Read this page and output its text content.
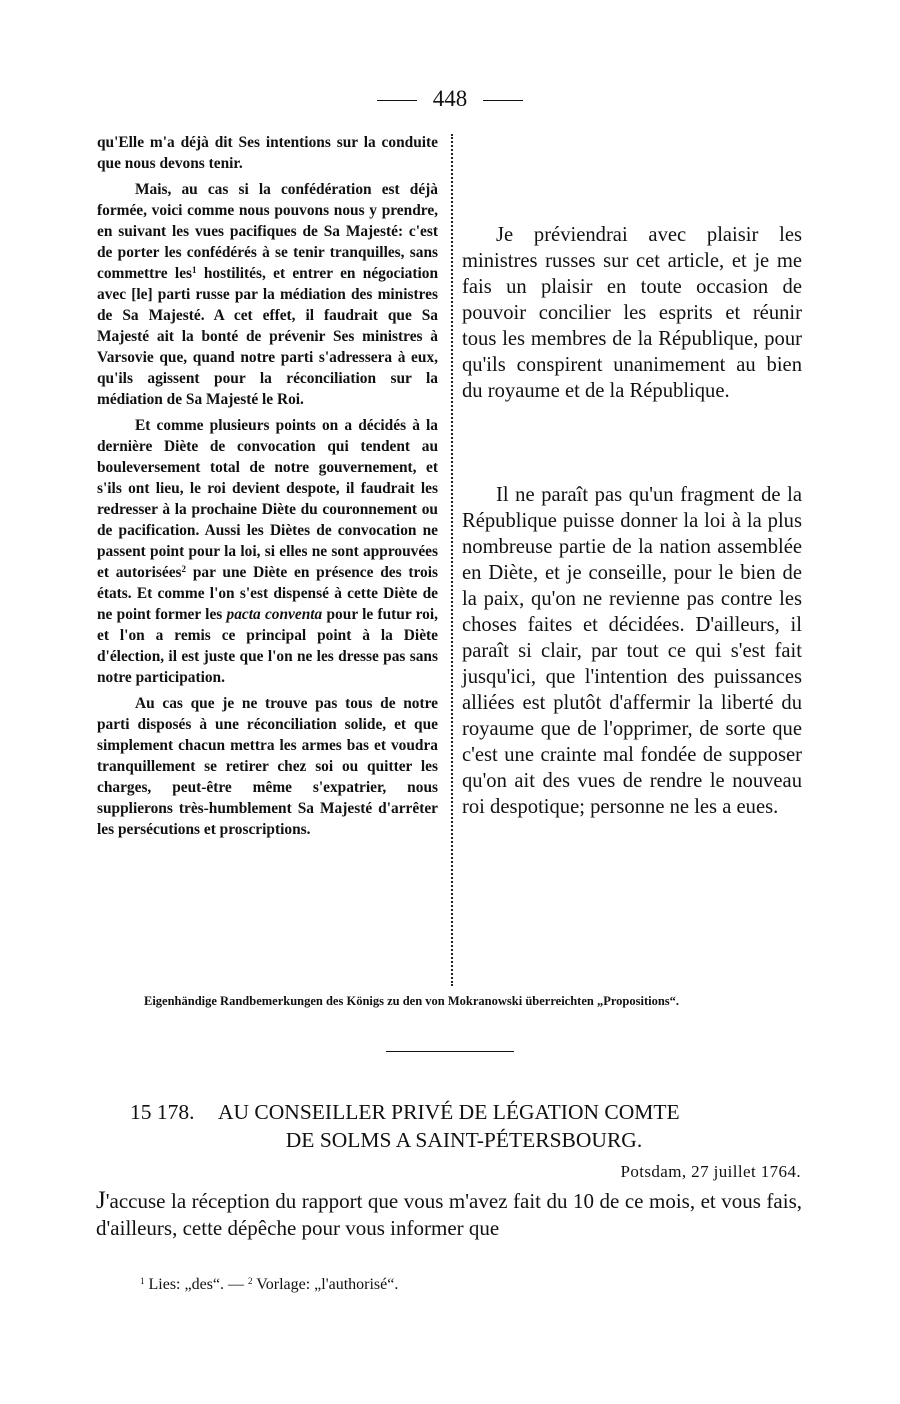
448

qu'Elle m'a déjà dit Ses intentions sur la conduite que nous devons tenir.

Mais, au cas si la confédération est déjà formée, voici comme nous pouvons nous y prendre, en suivant les vues pacifiques de Sa Majesté: c'est de porter les confédérés à se tenir tranquilles, sans commettre les$^1$ hostilités, et entrer en négociation avec [le] parti russe par la médiation des ministres de Sa Majesté. A cet effet, il faudrait que Sa Majesté ait la bonté de prévenir Ses ministres à Varsovie que, quand notre parti s'adressera à eux, qu'ils agissent pour la réconciliation sur la médiation de Sa Majesté le Roi.

Et comme plusieurs points on a décidés à la dernière Diète de convocation qui tendent au bouleversement total de notre gouvernement, et s'ils ont lieu, le roi devient despote, il faudrait les redresser à la prochaine Diète du couronnement ou de pacification. Aussi les Diètes de convocation ne passent point pour la loi, si elles ne sont approuvées et autorisées$^2$ par une Diète en présence des trois états. Et comme l'on s'est dispensé à cette Diète de ne point former les pacta conventa pour le futur roi, et l'on a remis ce principal point à la Diète d'élection, il est juste que l'on ne les dresse pas sans notre participation.

Au cas que je ne trouve pas tous de notre parti disposés à une réconciliation solide, et que simplement chacun mettra les armes bas et voudra tranquillement se retirer chez soi ou quitter les charges, peut-être même s'expatrier, nous supplierons très-humblement Sa Majesté d'arrêter les persécutions et proscriptions.

Je préviendrai avec plaisir les ministres russes sur cet article, et je me fais un plaisir en toute occasion de pouvoir concilier les esprits et réunir tous les membres de la République, pour qu'ils conspirent unanimement au bien du royaume et de la République.

Il ne paraît pas qu'un fragment de la République puisse donner la loi à la plus nombreuse partie de la nation assemblée en Diète, et je conseille, pour le bien de la paix, qu'on ne revienne pas contre les choses faites et décidées. D'ailleurs, il paraît si clair, par tout ce qui s'est fait jusqu'ici, que l'intention des puissances alliées est plutôt d'affermir la liberté du royaume que de l'opprimer, de sorte que c'est une crainte mal fondée de supposer qu'on ait des vues de rendre le nouveau roi despotique; personne ne les a eues.

Eigenhändige Randbemerkungen des Königs zu den von Mokranowski überreichten „Propositions“.
15 178. AU CONSEILLER PRIVÉ DE LÉGATION COMTE
DE SOLMS A SAINT-PÉTERSBOURG.
Potsdam, 27 juillet 1764.

J'accuse la réception du rapport que vous m'avez fait du 10 de ce mois, et vous fais, d'ailleurs, cette dépêche pour vous informer que

$^1$ Lies: „des“. — $^2$ Vorlage: „l'authorisé“.
